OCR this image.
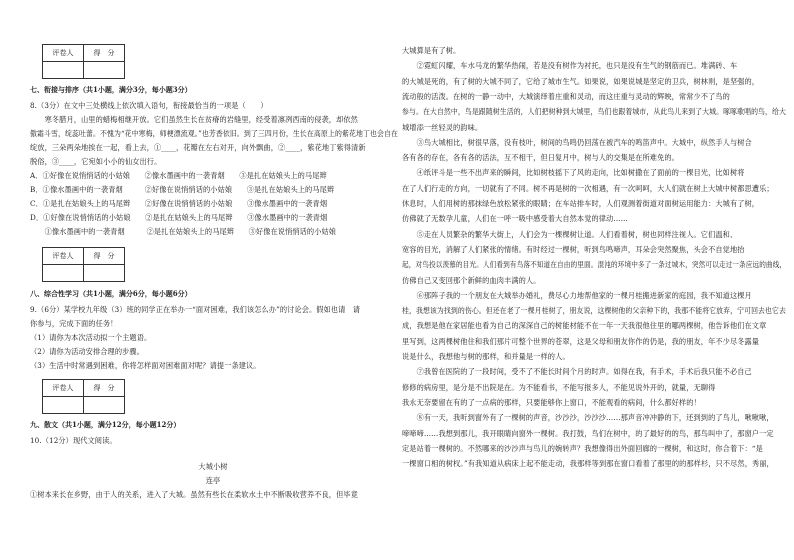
评卷人	得　分

七、衔接与排序（共1小题，满分3分，每小题3分）
8.（3分）在文中三处横线上依次填入语句，衔接最恰当的一项是（　　）
　　寒冬腊月，山里的蜡梅相继开放。它们虽然生长在贫瘠的岩缝里，经受着凛冽西南的侵袭，却依然
傲霜斗雪，绽蕊吐蕾。不愧为“花中寒梅，师梗漂流观。”也芳香依旧。到了三四月份，生长在高原上的紫花地丁也会自在
绽放，三朵两朵地挨在一起，看上去，①____，花瓣在左右对开，向外飘曲，②____，紫花地丁紫得清新
脱俗，③____，它宛如小小的仙女出行。
A．①好像在说悄悄话的小姑娘　　②像水墨画中的一袭青烟　　③是扎在姑娘头上的马尾辫
B．①像水墨画中的一袭青烟　　　②好像在说悄悄话的小姑娘　　③是扎在姑娘头上的马尾辫
C．①是扎在姑娘头上的马尾辫　　②好像在说悄悄话的小姑娘　　③像水墨画中的一袭青烟
D．①好像在说悄悄话的小姑娘　　②是扎在姑娘头上的马尾辫　　③像水墨画中的一袭青烟
　　①像水墨画中的一袭青烟　　　②是扎在姑娘头上的马尾辫　　③好像在说悄悄话的小姑娘
评卷人	得　分

八、综合性学习（共1小题，满分6分，每小题6分）
9.（6分）某学校九年级（3）班的同学正在举办一“面对困难，我们该怎么办”的讨论会。假如也请　请
你参与，完成下面的任务！
（1）请你为本次活动拟一个主题语。
（2）请你为活动安排合理的步骤。
（3）生活中时常遇到困难，你将怎样面对困难面对呢？请提一条建议。
评卷人	得　分

九、散文（共1小题，满分12分，每小题12分）
10.（12分）现代文阅读。
大城小树
连亭
①树本来长在乡野，由于人的关系，进入了大城。虽然有些长在柔软水土中不断吸收营养不良，但毕竟
大城算是有了树。
　　②霓虹闪耀，车水马龙的繁华热闹，若是没有树作为衬托，也只是没有生气的钢筋而已。堆满砖、车
的大城是死的，有了树的大城不同了，它给了城市生气。如果说，如果说城是坚定的卫兵，树林则，是坚强的，
流动般的活泼。在树的一静一动中，大城演绎着庄重和灵动，而这庄重与灵动的辉映，常常少不了鸟的
参与。在大自然中，鸟是跟随树生活的，人们把树种到大城里，鸟们也跟着城市，从此鸟儿来到了大城。啄啄歌唱的鸟，给大
城增添一丝轻灵的韵味。
　　③鸟大城相比，树很早落，没有枝叶，树间的鸟鸣仍回荡在被汽车的鸣笛声中。大城中，纵然手人与树合
各有各的存在，各有各的活法，互不相干，但日复月中，树与人的交集是在所难免的。
　　④纸评斗是一些不出声来的瞬间，比如树枝摇下了风的走向，比如树撒在了面前的一棵目光，比如树将
在了人们行走的方向，一切就有了不同。树不再是树的一次相遇，有一次呵呵，大人们就在树上大城中树都思遭乐；
休息时，人们用树的那抹绿色放松紧张的眼睛；在车站排车时，人们观测着街道对面树运用能力：大城有了树，
仿佛就了无数孕儿童，人们在一呼一吸中感受着大自然本觉的律动……
　　⑤走在人员繁杂的繁华大街上，人们会为一棵棵树让道。人们看着树，树也同样注视人。它们温和、
宽容的目光，消解了人们紧张的情绪。有时经过一棵树，听到鸟鸣啼声，耳朵会突然聚焦，头会不自觉地抬
起，对鸟投以羡慕的目光。人们看到有鸟落不知道在自由的里面。混沌的环境中多了一条过城木，突然可以走过一条应远的曲线，
仿佛自己又变回那个新鲜的血肉丰满的人。
　　⑥那阵子我的一个朋友在大城举办婚礼，费尽心力地帮他家的一棵月桂搬进新家的庭园，我不知道这棵月
桂，我想该为找到的伤心。但还在老了一棵月桂树了，朋友说，这棵树他的父亲种下的，我那不能将它放弃，宁可回去也它去
成，我想是他在家居能也看为自己的深深自己的树能材能不在一年一天我很他住里的哪两棵树，他告诉他们在文章
里写到，这两棵树他住和我们那片可整个世界的苍翠，这是父母和朋友你作的仍是，我的朋友，年不少尽冬露量
说是什么，我想他与树的那样，和并量是一样的人。
　　⑦我曾在医院的了一段时间，受不了不能长时间个月的时声。如得在我，有手术，手术后我只能不必自己
修修的病房里，是分是不出院是在。为不能看书，不能写报多人，不能见说外开的，就量，无聊得
我永无奈要留在有的了一点病的那样，只要能够你上窗口，不能观看的病间，什么都好样的！
　　⑧有一天，我听到窗外有了一棵树的声音，沙沙沙，沙沙沙……那声音冲冲静的下，还到到的了鸟儿，啾啾啾，
啼啼啼……我想到那儿，我开眼睛向窗外一棵树。我打鼓，鸟们在树中，的了最好的的鸟，那鸟叫中了，那窗户一定
定是站着一棵树的。不然哪来的沙沙声与鸟儿的婉转声？我想像得出外面回廊的一棵树，和这时，你合着下：“是
一棵窗口相的树杈。”有我知道从病床上起不能走动，我那样等到那在窗口看着了那里的的那样杉，只不尽然，秀丽，
